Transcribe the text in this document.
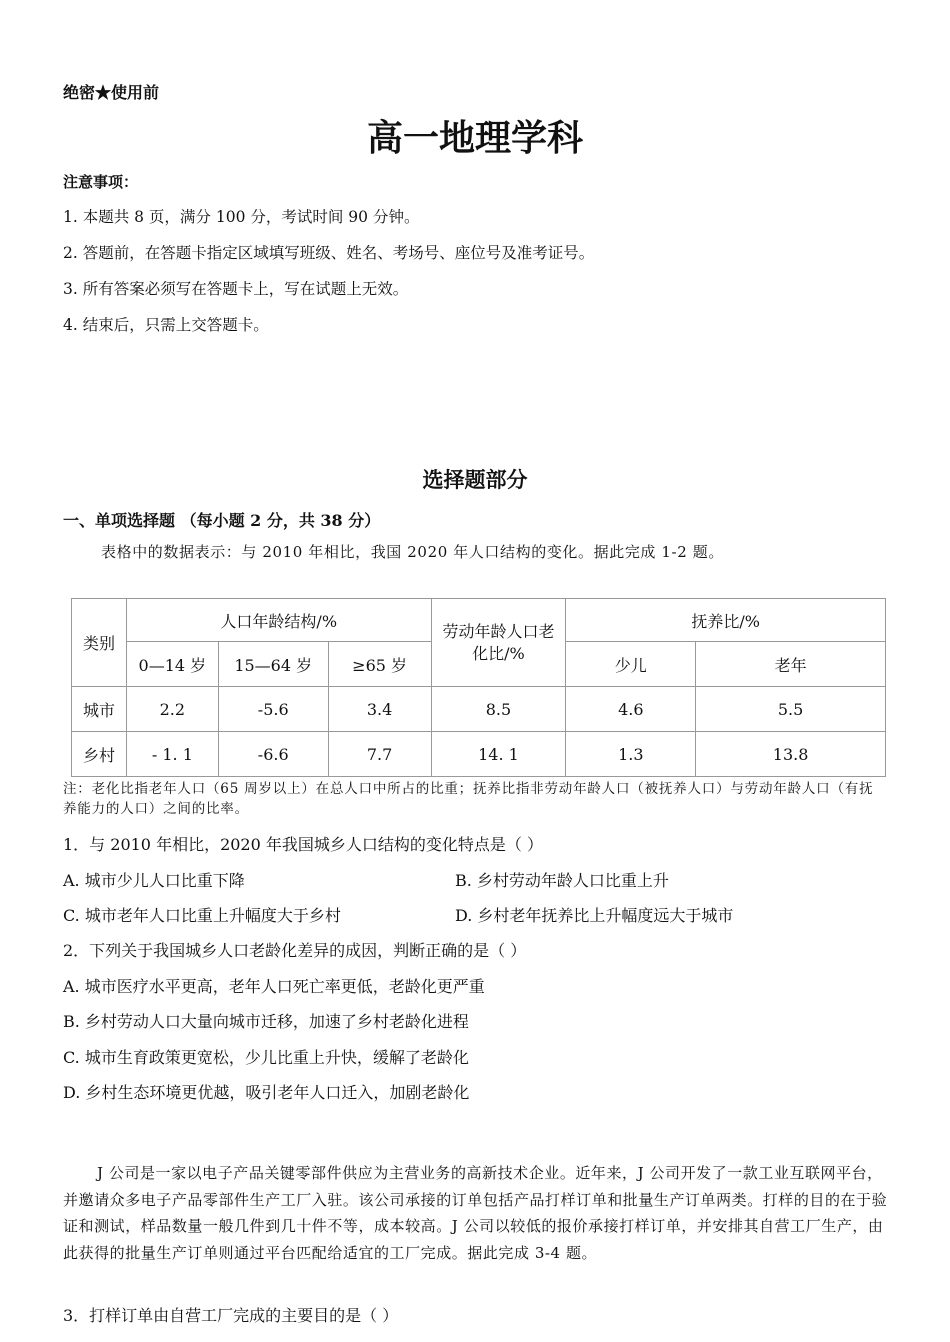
绝密★使用前
高一地理学科
注意事项：
1. 本题共 8 页，满分 100 分，考试时间 90 分钟。
2. 答题前，在答题卡指定区域填写班级、姓名、考场号、座位号及准考证号。
3. 所有答案必须写在答题卡上，写在试题上无效。
4. 结束后，只需上交答题卡。
选择题部分
一、单项选择题 （每小题 2 分，共 38 分）
表格中的数据表示：与 2010 年相比，我国 2020 年人口结构的变化。据此完成 1-2 题。
类别	人口年龄结构/%			劳动年龄人口老化比/%	抚养比/%	
	0—14 岁	15—64 岁	≥65 岁		少儿	老年
城市	2.2	-5.6	3.4	8.5	4.6	5.5
乡村	- 1. 1	-6.6	7.7	14. 1	1.3	13.8
注：老化比指老年人口（65 周岁以上）在总人口中所占的比重；抚养比指非劳动年龄人口（被抚养人口）与劳动年龄人口（有抚养能力的人口）之间的比率。
1．与 2010 年相比，2020 年我国城乡人口结构的变化特点是（ ）
A. 城市少儿人口比重下降	B. 乡村劳动年龄人口比重上升
C. 城市老年人口比重上升幅度大于乡村	D. 乡村老年抚养比上升幅度远大于城市
2．下列关于我国城乡人口老龄化差异的成因，判断正确的是（ ）
A. 城市医疗水平更高，老年人口死亡率更低，老龄化更严重
B. 乡村劳动人口大量向城市迁移，加速了乡村老龄化进程
C. 城市生育政策更宽松，少儿比重上升快，缓解了老龄化
D. 乡村生态环境更优越，吸引老年人口迁入，加剧老龄化
J 公司是一家以电子产品关键零部件供应为主营业务的高新技术企业。近年来，J 公司开发了一款工业互联网平台，并邀请众多电子产品零部件生产工厂入驻。该公司承接的订单包括产品打样订单和批量生产订单两类。打样的目的在于验证和测试，样品数量一般几件到几十件不等，成本较高。J 公司以较低的报价承接打样订单，并安排其自营工厂生产，由此获得的批量生产订单则通过平台匹配给适宜的工厂完成。据此完成 3-4 题。
3．打样订单由自营工厂完成的主要目的是（ ）
